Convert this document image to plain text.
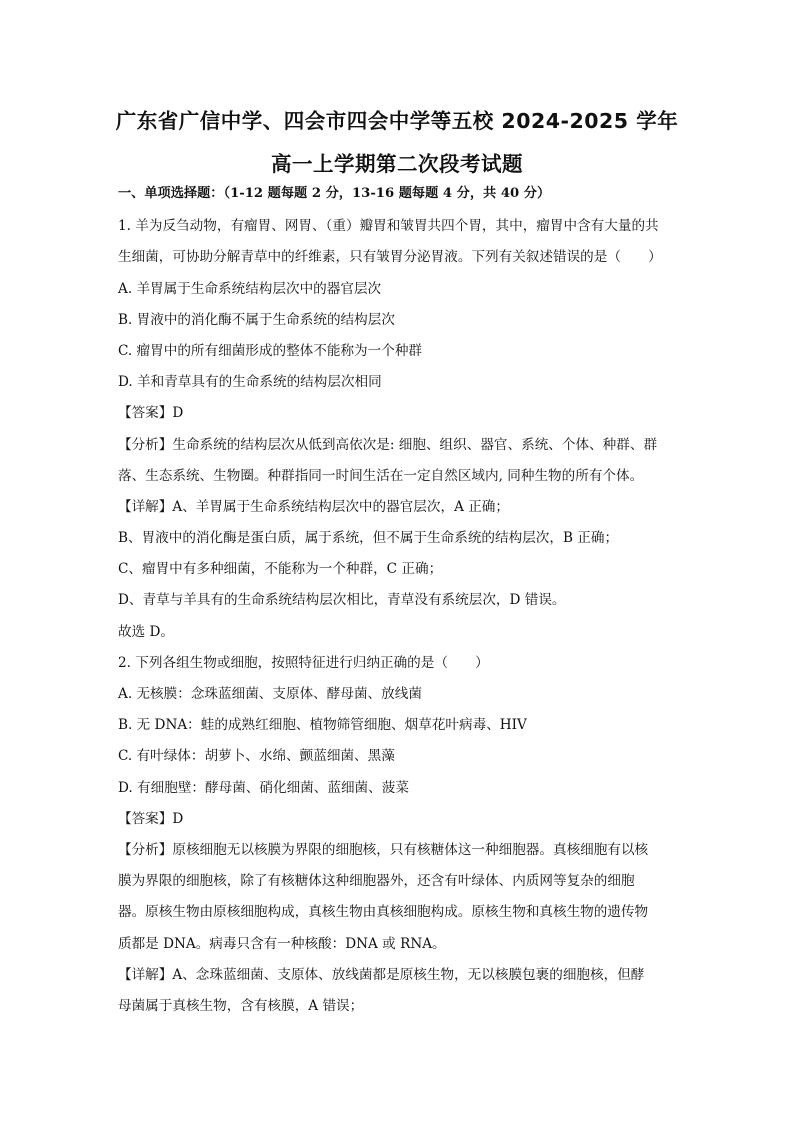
广东省广信中学、四会市四会中学等五校 2024-2025 学年
高一上学期第二次段考试题
一、单项选择题：（1-12 题每题 2 分，13-16 题每题 4 分，共 40 分）
1. 羊为反刍动物，有瘤胃、网胃、（重）瓣胃和皱胃共四个胃，其中，瘤胃中含有大量的共
生细菌，可协助分解青草中的纤维素，只有皱胃分泌胃液。下列有关叙述错误的是（　　）
A. 羊胃属于生命系统结构层次中的器官层次
B. 胃液中的消化酶不属于生命系统的结构层次
C. 瘤胃中的所有细菌形成的整体不能称为一个种群
D. 羊和青草具有的生命系统的结构层次相同
【答案】D
【分析】生命系统的结构层次从低到高依次是: 细胞、组织、器官、系统、个体、种群、群
落、生态系统、生物圈。种群指同一时间生活在一定自然区域内, 同种生物的所有个体。
【详解】A、羊胃属于生命系统结构层次中的器官层次，A 正确；
B、胃液中的消化酶是蛋白质，属于系统，但不属于生命系统的结构层次，B 正确；
C、瘤胃中有多种细菌，不能称为一个种群，C 正确；
D、青草与羊具有的生命系统结构层次相比，青草没有系统层次，D 错误。
故选 D。
2. 下列各组生物或细胞，按照特征进行归纳正确的是（　　）
A. 无核膜：念珠蓝细菌、支原体、酵母菌、放线菌
B. 无 DNA：蛙的成熟红细胞、植物筛管细胞、烟草花叶病毒、HIV
C. 有叶绿体：胡萝卜、水绵、颤蓝细菌、黑藻
D. 有细胞壁：酵母菌、硝化细菌、蓝细菌、菠菜
【答案】D
【分析】原核细胞无以核膜为界限的细胞核，只有核糖体这一种细胞器。真核细胞有以核
膜为界限的细胞核，除了有核糖体这种细胞器外，还含有叶绿体、内质网等复杂的细胞
器。原核生物由原核细胞构成，真核生物由真核细胞构成。原核生物和真核生物的遗传物
质都是 DNA。病毒只含有一种核酸：DNA 或 RNA。
【详解】A、念珠蓝细菌、支原体、放线菌都是原核生物，无以核膜包裹的细胞核，但酵
母菌属于真核生物，含有核膜，A 错误；
